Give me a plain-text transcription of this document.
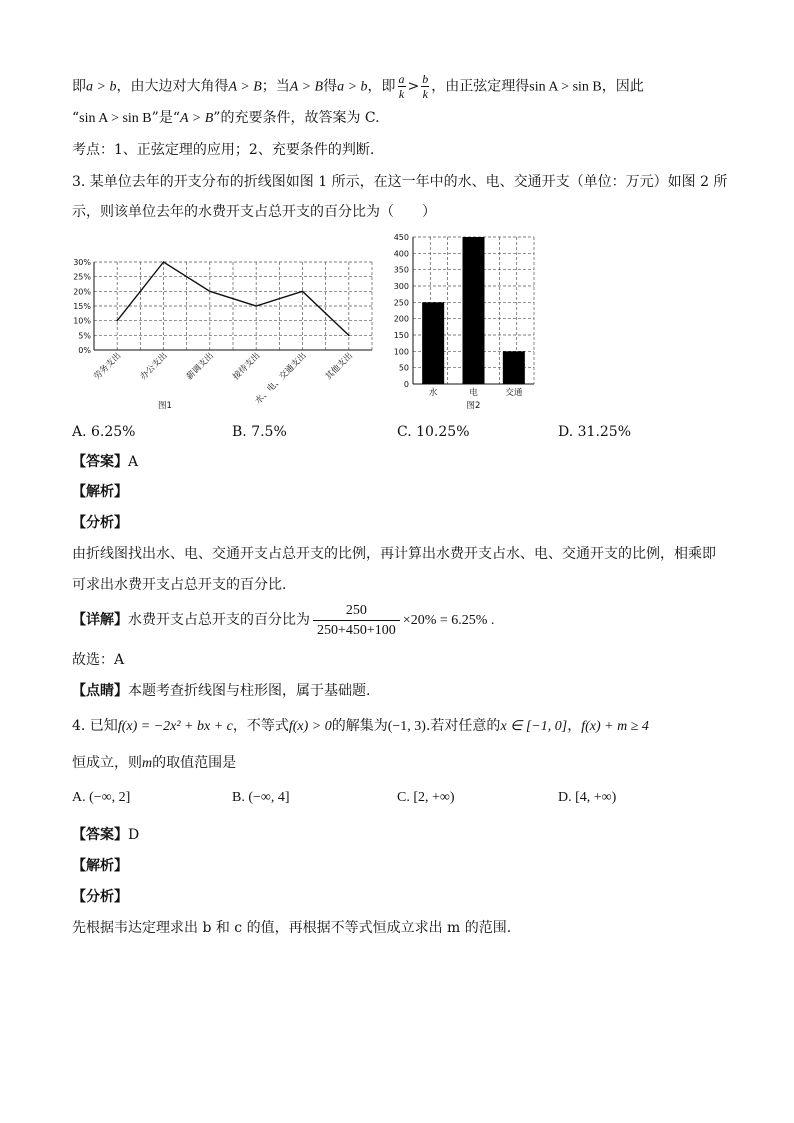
即a > b，由大边对大角得A > B；当A > B得a > b，即 $\frac{a}{k} > \frac{b}{k}$ ，由正弦定理得sin A > sin B，因此
“sin A > sin B”是“A > B”的充要条件，故答案为 C.
考点：1、正弦定理的应用；2、充要条件的判断.
3. 某单位去年的开支分布的折线图如图 1 所示，在这一年中的水、电、交通开支（单位：万元）如图 2 所
示，则该单位去年的水费开支占总开支的百分比为（　　）
0%
5%
10%
15%
20%
25%
30%
劳务支出 办公支出 薪调支出 接待支出
水、电、交通支出 其他支出
图1
0
50
100
150
200
250
300
350
400
450
水	电	交通
图2
A. 6.25%	B. 7.5%	C. 10.25%	D. 31.25%
【答案】A
【解析】
【分析】
由折线图找出水、电、交通开支占总开支的比例，再计算出水费开支占水、电、交通开支的比例，相乘即
可求出水费开支占总开支的百分比.
【详解】水费开支占总开支的百分比为 $\frac{250}{250+450+100} \times 20\% = 6.25\%$ .
故选：A
【点睛】本题考查折线图与柱形图，属于基础题.
4. 已知f(x) = −2x² + bx + c，不等式f(x) > 0的解集为(−1, 3).若对任意的x ∈ [−1, 0]，f(x) + m ≥ 4
恒成立，则m的取值范围是
A. (−∞, 2]	B. (−∞, 4]	C. [2, +∞)	D. [4, +∞)
【答案】D
【解析】
【分析】
先根据韦达定理求出 b 和 c 的值，再根据不等式恒成立求出 m 的范围.
